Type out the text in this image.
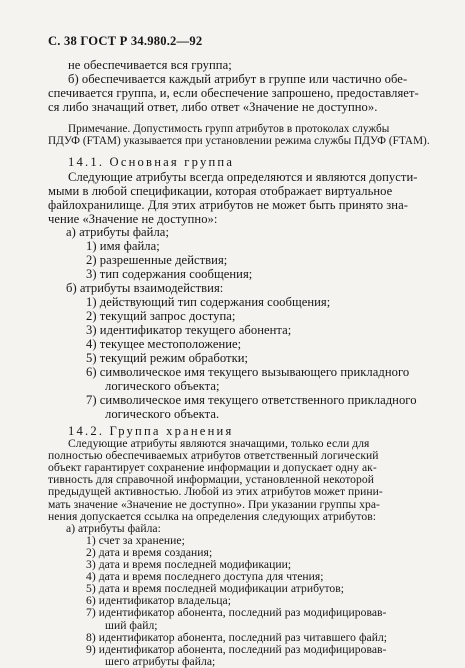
С. 38 ГОСТ Р 34.980.2—92
не обеспечивается вся группа;
б) обеспечивается каждый атрибут в группе или частично обе-
спечивается группа, и, если обеспечение запрошено, предоставляет-
ся либо значащий ответ, либо ответ «Значение не доступно».
Примечание. Допустимость групп атрибутов в протоколах службы
ПДУФ (FTAM) указывается при установлении режима службы ПДУФ (FTAM).
14.1. Основная группа
Следующие атрибуты всегда определяются и являются допусти-
мыми в любой спецификации, которая отображает виртуальное
файлохранилище. Для этих атрибутов не может быть принято зна-
чение «Значение не доступно»:
а) атрибуты файла;
1) имя файла;
2) разрешенные действия;
3) тип содержания сообщения;
б) атрибуты взаимодействия:
1) действующий тип содержания сообщения;
2) текущий запрос доступа;
3) идентификатор текущего абонента;
4) текущее местоположение;
5) текущий режим обработки;
6) символическое имя текущего вызывающего прикладного
логического объекта;
7) символическое имя текущего ответственного прикладного
логического объекта.
14.2. Группа хранения
Следующие атрибуты являются значащими, только если для
полностью обеспечиваемых атрибутов ответственный логический
объект гарантирует сохранение информации и допускает одну ак-
тивность для справочной информации, установленной некоторой
предыдущей активностью. Любой из этих атрибутов может прини-
мать значение «Значение не доступно». При указании группы хра-
нения допускается ссылка на определения следующих атрибутов:
а) атрибуты файла:
1) счет за хранение;
2) дата и время создания;
3) дата и время последней модификации;
4) дата и время последнего доступа для чтения;
5) дата и время последней модификации атрибутов;
6) идентификатор владельца;
7) идентификатор абонента, последний раз модифицировав-
ший файл;
8) идентификатор абонента, последний раз читавшего файл;
9) идентификатор абонента, последний раз модифицировав-
шего атрибуты файла;
